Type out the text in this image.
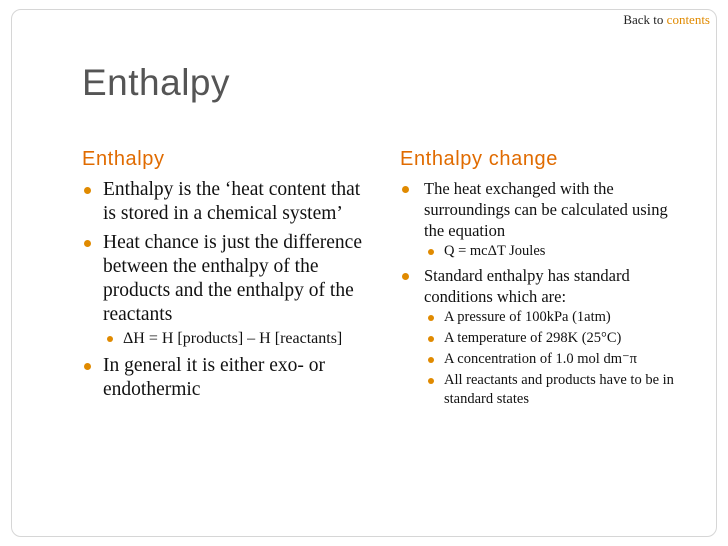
Back to contents
Enthalpy
Enthalpy
Enthalpy is the ‘heat content that is stored in a chemical system’
Heat chance is just the difference between the enthalpy of the products and the enthalpy of the reactants
ΔH = H [products] – H [reactants]
In general it is either exo- or endothermic
Enthalpy change
The heat exchanged with the surroundings can be calculated using the equation
Q = mcΔT Joules
Standard enthalpy has standard conditions which are:
A pressure of 100kPa (1atm)
A temperature of 298K (25°C)
A concentration of 1.0 mol dm⁻π
All reactants and products have to be in standard states
